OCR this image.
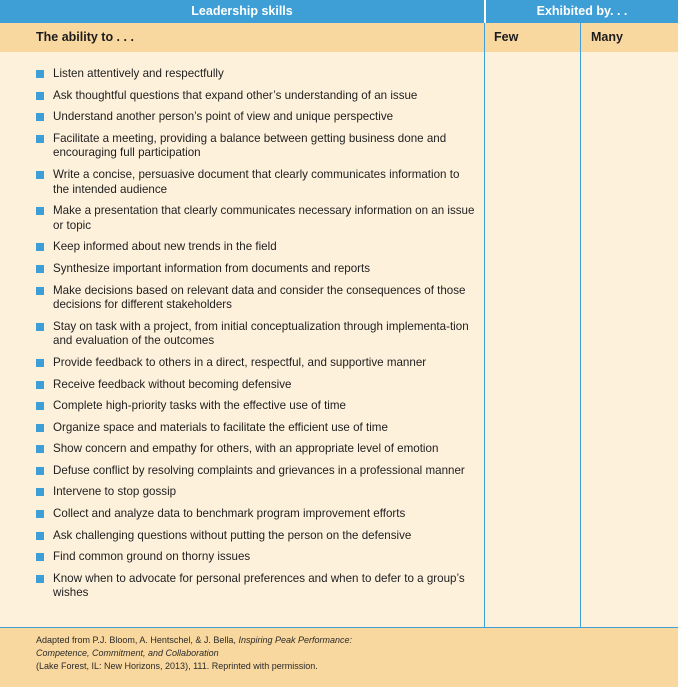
Leadership skills	Exhibited by. . .
The ability to . . .	Few	Many
Listen attentively and respectfully
Ask thoughtful questions that expand other’s understanding of an issue
Understand another person’s point of view and unique perspective
Facilitate a meeting, providing a balance between getting business done and encouraging full participation
Write a concise, persuasive document that clearly communicates information to the intended audience
Make a presentation that clearly communicates necessary information on an issue or topic
Keep informed about new trends in the field
Synthesize important information from documents and reports
Make decisions based on relevant data and consider the consequences of those decisions for different stakeholders
Stay on task with a project, from initial conceptualization through implementa-tion and evaluation of the outcomes
Provide feedback to others in a direct, respectful, and supportive manner
Receive feedback without becoming defensive
Complete high-priority tasks with the effective use of time
Organize space and materials to facilitate the efficient use of time
Show concern and empathy for others, with an appropriate level of emotion
Defuse conflict by resolving complaints and grievances in a professional manner
Intervene to stop gossip
Collect and analyze data to benchmark program improvement efforts
Ask challenging questions without putting the person on the defensive
Find common ground on thorny issues
Know when to advocate for personal preferences and when to defer to a group’s wishes
Adapted from P.J. Bloom, A. Hentschel, & J. Bella, Inspiring Peak Performance: Competence, Commitment, and Collaboration
(Lake Forest, IL: New Horizons, 2013), 111. Reprinted with permission.
